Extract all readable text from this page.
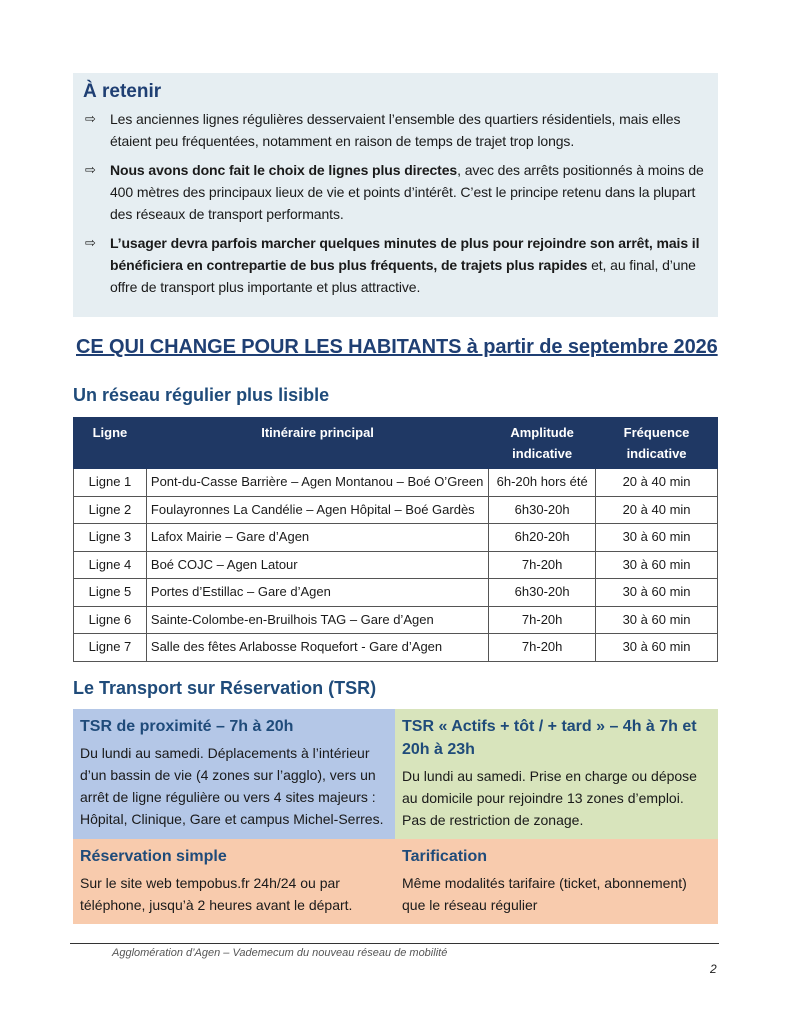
À retenir
⇨ Les anciennes lignes régulières desservaient l’ensemble des quartiers résidentiels, mais elles étaient peu fréquentées, notamment en raison de temps de trajet trop longs.
⇨ Nous avons donc fait le choix de lignes plus directes, avec des arrêts positionnés à moins de 400 mètres des principaux lieux de vie et points d’intérêt. C’est le principe retenu dans la plupart des réseaux de transport performants.
⇨ L’usager devra parfois marcher quelques minutes de plus pour rejoindre son arrêt, mais il bénéficiera en contrepartie de bus plus fréquents, de trajets plus rapides et, au final, d’une offre de transport plus importante et plus attractive.
CE QUI CHANGE POUR LES HABITANTS à partir de septembre 2026
Un réseau régulier plus lisible
Ligne	Itinéraire principal	Amplitude indicative	Fréquence indicative
Ligne 1	Pont-du-Casse Barrière – Agen Montanou – Boé O’Green	6h-20h hors été	20 à 40 min
Ligne 2	Foulayronnes La Candélie – Agen Hôpital – Boé Gardès	6h30-20h	20 à 40 min
Ligne 3	Lafox Mairie – Gare d’Agen	6h20-20h	30 à 60 min
Ligne 4	Boé COJC – Agen Latour	7h-20h	30 à 60 min
Ligne 5	Portes d’Estillac – Gare d’Agen	6h30-20h	30 à 60 min
Ligne 6	Sainte-Colombe-en-Bruilhois TAG – Gare d’Agen	7h-20h	30 à 60 min
Ligne 7	Salle des fêtes Arlabosse Roquefort - Gare d’Agen	7h-20h	30 à 60 min
Le Transport sur Réservation (TSR)
TSR de proximité – 7h à 20h

Du lundi au samedi. Déplacements à l’intérieur d’un bassin de vie (4 zones sur l’agglo), vers un arrêt de ligne régulière ou vers 4 sites majeurs : Hôpital, Clinique, Gare et campus Michel-Serres.

TSR « Actifs + tôt / + tard » – 4h à 7h et 20h à 23h

Du lundi au samedi. Prise en charge ou dépose au domicile pour rejoindre 13 zones d’emploi. Pas de restriction de zonage.

Réservation simple

Sur le site web tempobus.fr 24h/24 ou par téléphone, jusqu’à 2 heures avant le départ.

Tarification

Même modalités tarifaire (ticket, abonnement) que le réseau régulier

Agglomération d’Agen – Vademecum du nouveau réseau de mobilité
2
